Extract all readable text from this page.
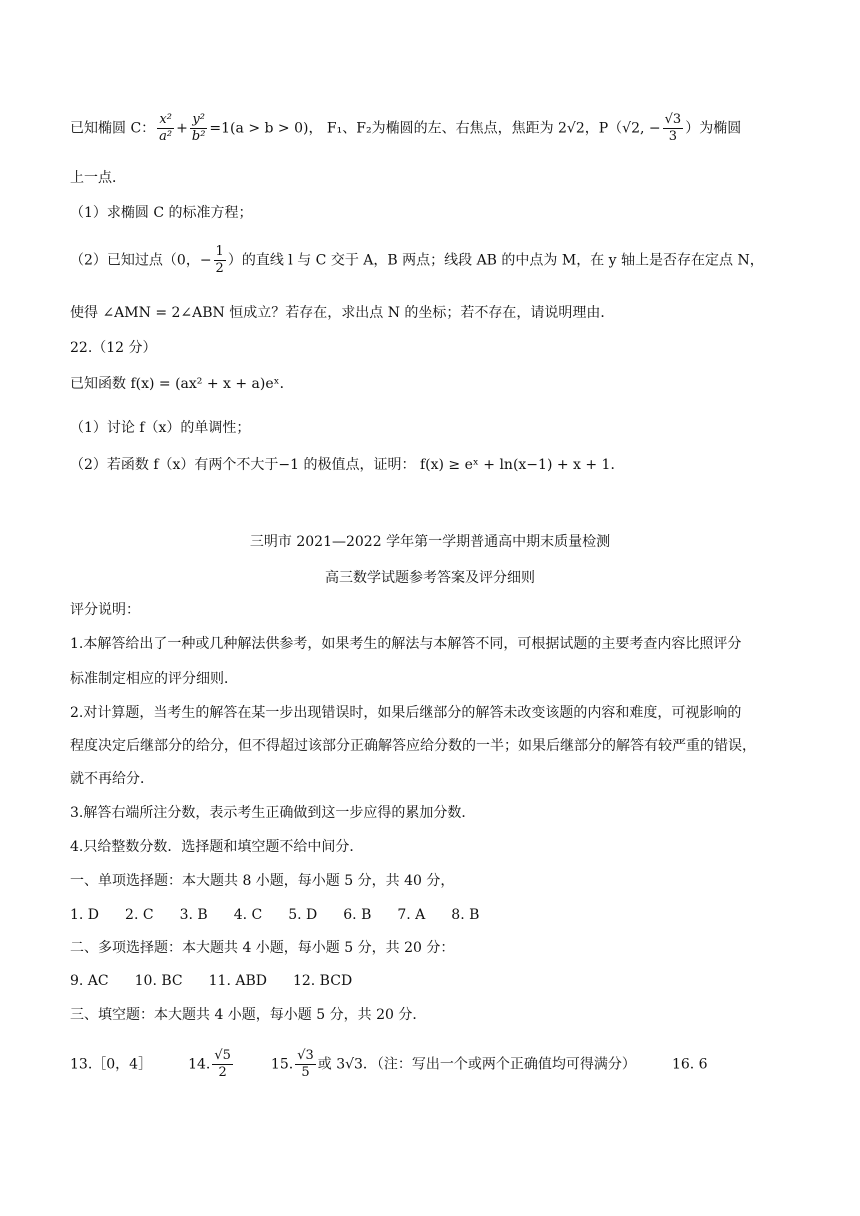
已知椭圆 C： $\frac{\text{x²}}{\text{a²}} + \frac{\text{y²}}{\text{b²}} =1(a > b > 0)$， F₁、F₂为椭圆的左、右焦点，焦距为 2√2，P（√2, − $\frac{√3}{3}$ ）为椭圆
上一点．
（1）求椭圆 C 的标准方程；
（2）已知过点（0，− $\frac{1}{2}$ ）的直线 l 与 C 交于 A，B 两点；线段 AB 的中点为 M，在 y 轴上是否存在定点 N，
使得 ∠AMN = 2∠ABN 恒成立？若存在，求出点 N 的坐标；若不存在，请说明理由．
22.（12 分）
已知函数 f(x) = (ax² + x + a)eˣ．
（1）讨论 f（x）的单调性；
（2）若函数 f（x）有两个不大于−1 的极值点，证明： f(x) ≥ eˣ + ln(x−1) + x + 1．
三明市 2021—2022 学年第一学期普通高中期末质量检测
高三数学试题参考答案及评分细则
评分说明：
1.本解答给出了一种或几种解法供参考，如果考生的解法与本解答不同，可根据试题的主要考查内容比照评分
标准制定相应的评分细则．
2.对计算题，当考生的解答在某一步出现错误时，如果后继部分的解答未改变该题的内容和难度，可视影响的
程度决定后继部分的给分，但不得超过该部分正确解答应给分数的一半；如果后继部分的解答有较严重的错误，
就不再给分．
3.解答右端所注分数，表示考生正确做到这一步应得的累加分数．
4.只给整数分数．选择题和填空题不给中间分．
一、单项选择题：本大题共 8 小题，每小题 5 分，共 40 分，
1. D 2. C 3. B 4. C 5. D 6. B 7. A 8. B
二、多项选择题：本大题共 4 小题，每小题 5 分，共 20 分：
9. AC 10. BC 11. ABD 12. BCD
三、填空题：本大题共 4 小题，每小题 5 分，共 20 分．
13.［0，4］	14. $\frac{√5}{2}$	15. $\frac{√3}{5}$ 或 3√3．（注：写出一个或两个正确值均可得满分）	16. 6
